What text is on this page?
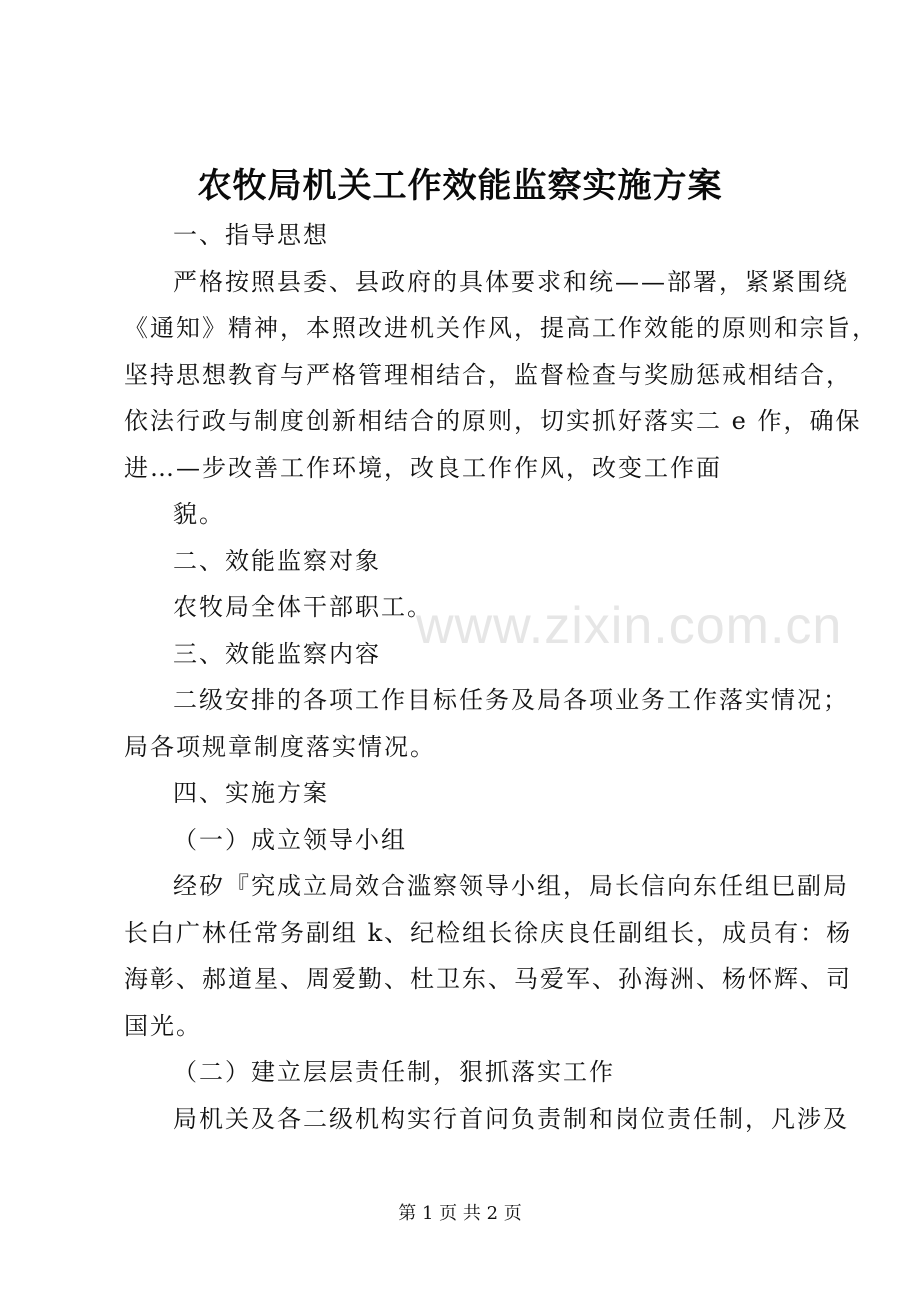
www.zixin.com.cn
农牧局机关工作效能监察实施方案
一、指导思想
严格按照县委、县政府的具体要求和统——部署，紧紧围绕
《通知》精神，本照改进机关作风，提高工作效能的原则和宗旨，
坚持思想教育与严格管理相结合，监督检查与奖励惩戒相结合，
依法行政与制度创新相结合的原则，切实抓好落实二 e 作，确保
进…—步改善工作环境，改良工作作风，改变工作面
貌。
二、效能监察对象
农牧局全体干部职工。
三、效能监察内容
二级安排的各项工作目标任务及局各项业务工作落实情况；
局各项规章制度落实情况。
四、实施方案
（一）成立领导小组
经矽『究成立局效合滥察领导小组，局长信向东任组巳副局
长白广林任常务副组 k、纪检组长徐庆良任副组长，成员有：杨
海彰、郝道星、周爱勤、杜卫东、马爱军、孙海洲、杨怀辉、司
国光。
（二）建立层层责任制，狠抓落实工作
局机关及各二级机构实行首问负责制和岗位责任制，凡涉及
第 1 页 共 2 页
